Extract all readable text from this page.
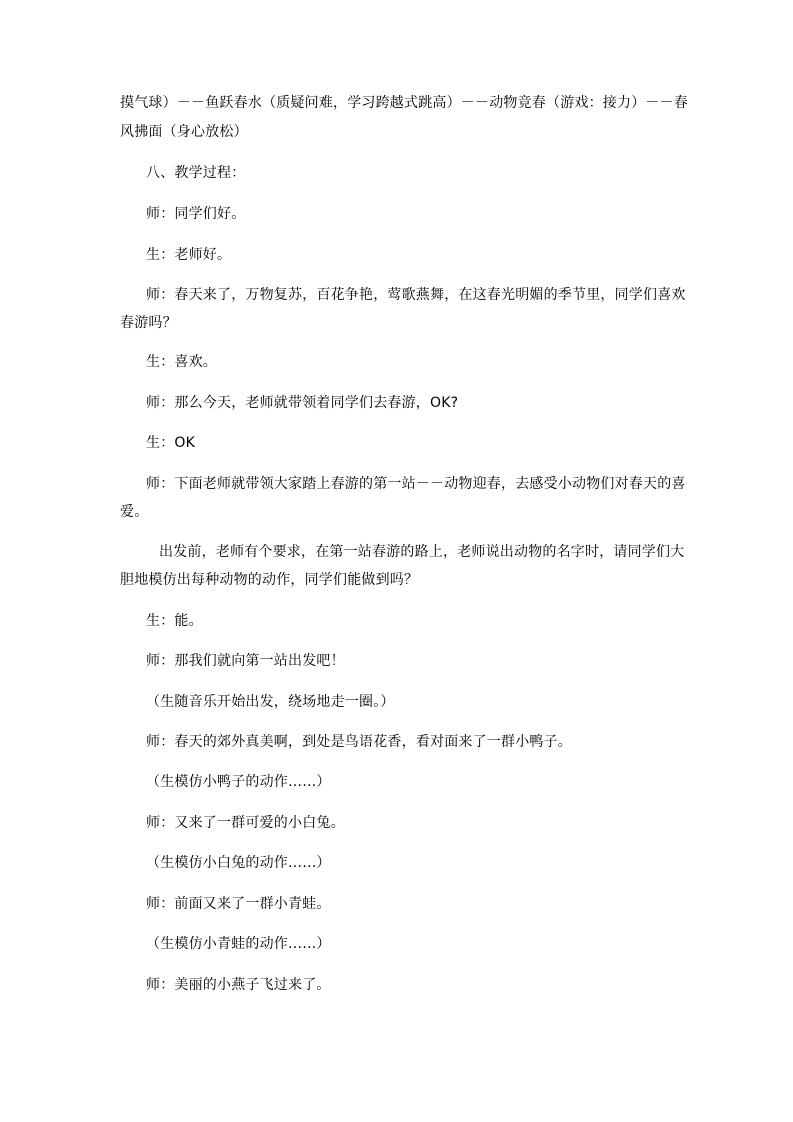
摸气球）－－鱼跃春水（质疑问难，学习跨越式跳高）－－动物竞春（游戏：接力）－－春
风拂面（身心放松）
八、教学过程：
师：同学们好。
生：老师好。
师：春天来了，万物复苏，百花争艳，莺歌燕舞，在这春光明媚的季节里，同学们喜欢
春游吗？
生：喜欢。
师：那么今天，老师就带领着同学们去春游，OK?
生：OK
师：下面老师就带领大家踏上春游的第一站－－动物迎春，去感受小动物们对春天的喜
爱。
出发前，老师有个要求，在第一站春游的路上，老师说出动物的名字时，请同学们大
胆地模仿出每种动物的动作，同学们能做到吗？
生：能。
师：那我们就向第一站出发吧！
（生随音乐开始出发，绕场地走一圈。）
师：春天的郊外真美啊，到处是鸟语花香，看对面来了一群小鸭子。
（生模仿小鸭子的动作……）
师：又来了一群可爱的小白兔。
（生模仿小白兔的动作……）
师：前面又来了一群小青蛙。
（生模仿小青蛙的动作……）
师：美丽的小燕子飞过来了。
